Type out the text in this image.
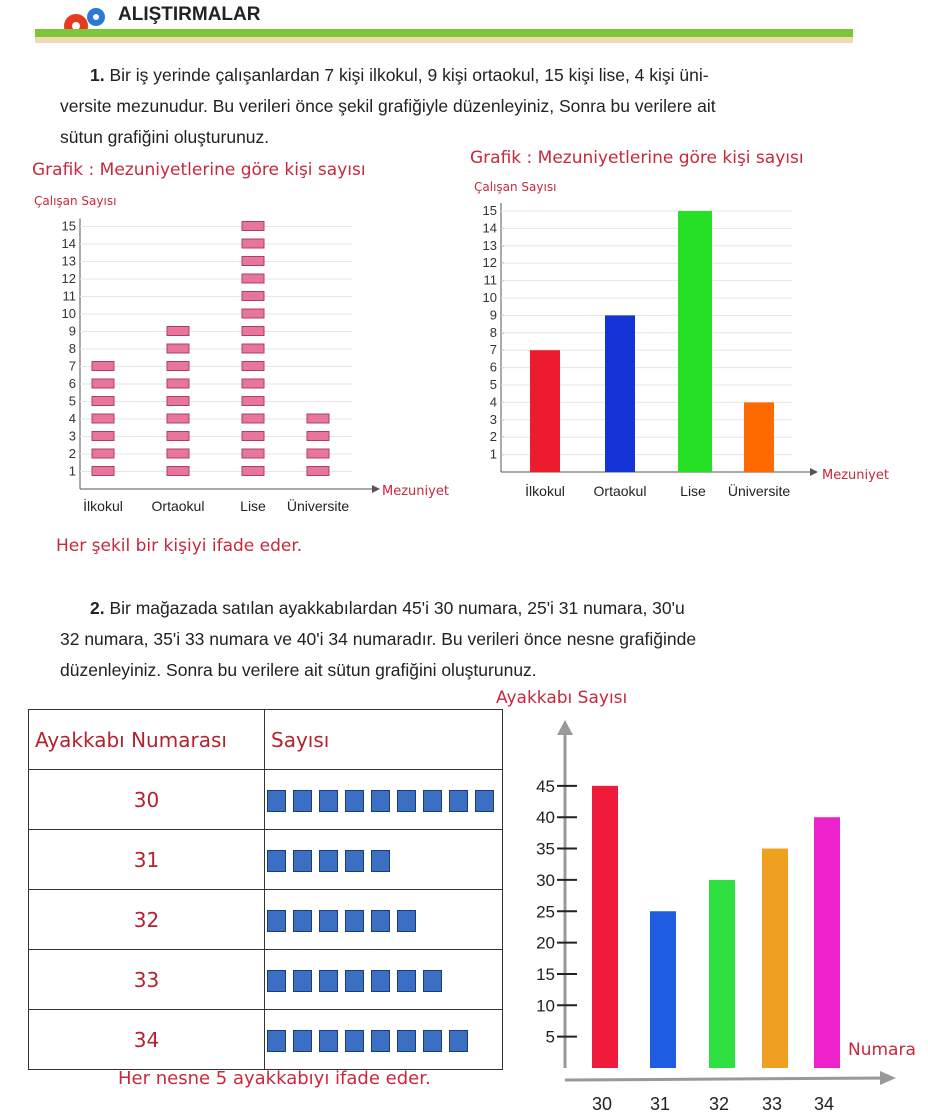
ALIŞTIRMALAR
1. Bir iş yerinde çalışanlardan 7 kişi ilkokul, 9 kişi ortaokul, 15 kişi lise, 4 kişi üni-
versite mezunudur. Bu verileri önce şekil grafiğiyle düzenleyiniz, Sonra bu verilere ait
sütun grafiğini oluşturunuz.
Grafik : Mezuniyetlerine göre kişi sayısı
Çalışan Sayısı
Mezuniyet
Her şekil bir kişiyi ifade eder.
Grafik : Mezuniyetlerine göre kişi sayısı
Çalışan Sayısı
Mezuniyet
2. Bir mağazada satılan ayakkabılardan 45'i 30 numara, 25'i 31 numara, 30'u
32 numara, 35'i 33 numara ve 40'i 34 numaradır. Bu verileri önce nesne grafiğinde
düzenleyiniz. Sonra bu verilere ait sütun grafiğini oluşturunuz.
Ayakkabı Numarası	Sayısı
30	
31	
32	
33	
34	
Her nesne 5 ayakkabıyı ifade eder.
Ayakkabı Sayısı
Numara
1
2
3
4
5
6
7
8
9
10
11
12
13
14
15
İlkokul Ortaokul	Lise Üniversite
1
2
3
4
5
6
7
8
9
10
11
12
13
14
15
İlkokul Ortaokul Lise Üniversite
5
10
15
20
25
30
35
40
45
30 31 32 33 34
